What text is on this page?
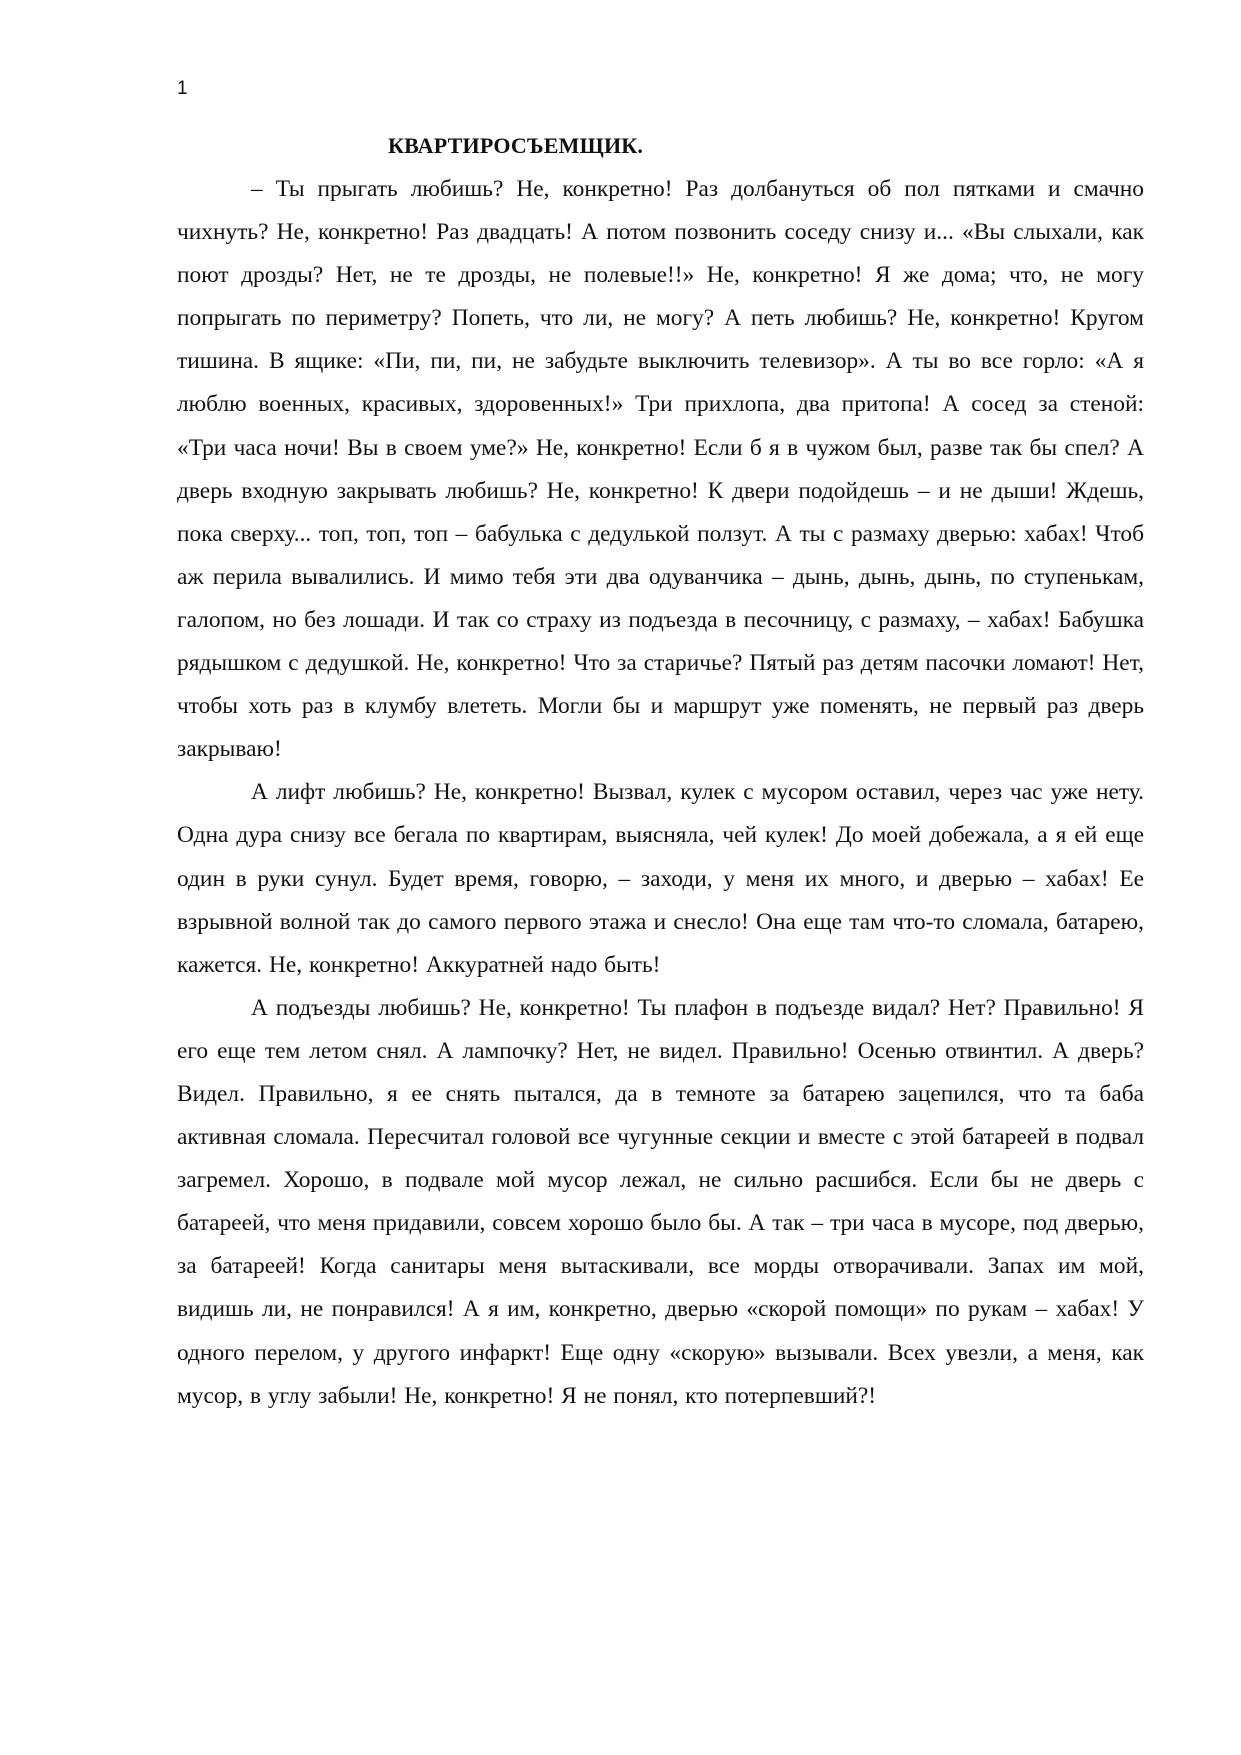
1
КВАРТИРОСЪЕМЩИК.

– Ты прыгать любишь? Не, конкретно! Раз долбануться об пол пятками и смачно чихнуть? Не, конкретно! Раз двадцать! А потом позвонить соседу снизу и... «Вы слыхали, как поют дрозды? Нет, не те дрозды, не полевые!!» Не, конкретно! Я же дома; что, не могу попрыгать по периметру? Попеть, что ли, не могу? А петь любишь? Не, конкретно! Кругом тишина. В ящике: «Пи, пи, пи, не забудьте выключить телевизор». А ты во все горло: «А я люблю военных, красивых, здоровенных!» Три прихлопа, два притопа! А сосед за стеной: «Три часа ночи! Вы в своем уме?» Не, конкретно! Если б я в чужом был, разве так бы спел? А дверь входную закрывать любишь? Не, конкретно! К двери подойдешь – и не дыши! Ждешь, пока сверху... топ, топ, топ – бабулька с дедулькой ползут. А ты с размаху дверью: хабах! Чтоб аж перила вывалились. И мимо тебя эти два одуванчика – дынь, дынь, дынь, по ступенькам, галопом, но без лошади. И так со страху из подъезда в песочницу, с размаху, – хабах! Бабушка рядышком с дедушкой. Не, конкретно! Что за старичье? Пятый раз детям пасочки ломают! Нет, чтобы хоть раз в клумбу влететь. Могли бы и маршрут уже поменять, не первый раз дверь закрываю!

А лифт любишь? Не, конкретно! Вызвал, кулек с мусором оставил, через час уже нету. Одна дура снизу все бегала по квартирам, выясняла, чей кулек! До моей добежала, а я ей еще один в руки сунул. Будет время, говорю, – заходи, у меня их много, и дверью – хабах! Ее взрывной волной так до самого первого этажа и снесло! Она еще там что-то сломала, батарею, кажется. Не, конкретно! Аккуратней надо быть!

А подъезды любишь? Не, конкретно! Ты плафон в подъезде видал? Нет? Правильно! Я его еще тем летом снял. А лампочку? Нет, не видел. Правильно! Осенью отвинтил. А дверь? Видел. Правильно, я ее снять пытался, да в темноте за батарею зацепился, что та баба активная сломала. Пересчитал головой все чугунные секции и вместе с этой батареей в подвал загремел. Хорошо, в подвале мой мусор лежал, не сильно расшибся. Если бы не дверь с батареей, что меня придавили, совсем хорошо было бы. А так – три часа в мусоре, под дверью, за батареей! Когда санитары меня вытаскивали, все морды отворачивали. Запах им мой, видишь ли, не понравился! А я им, конкретно, дверью «скорой помощи» по рукам – хабах! У одного перелом, у другого инфаркт! Еще одну «скорую» вызывали. Всех увезли, а меня, как мусор, в углу забыли! Не, конкретно! Я не понял, кто потерпевший?!
